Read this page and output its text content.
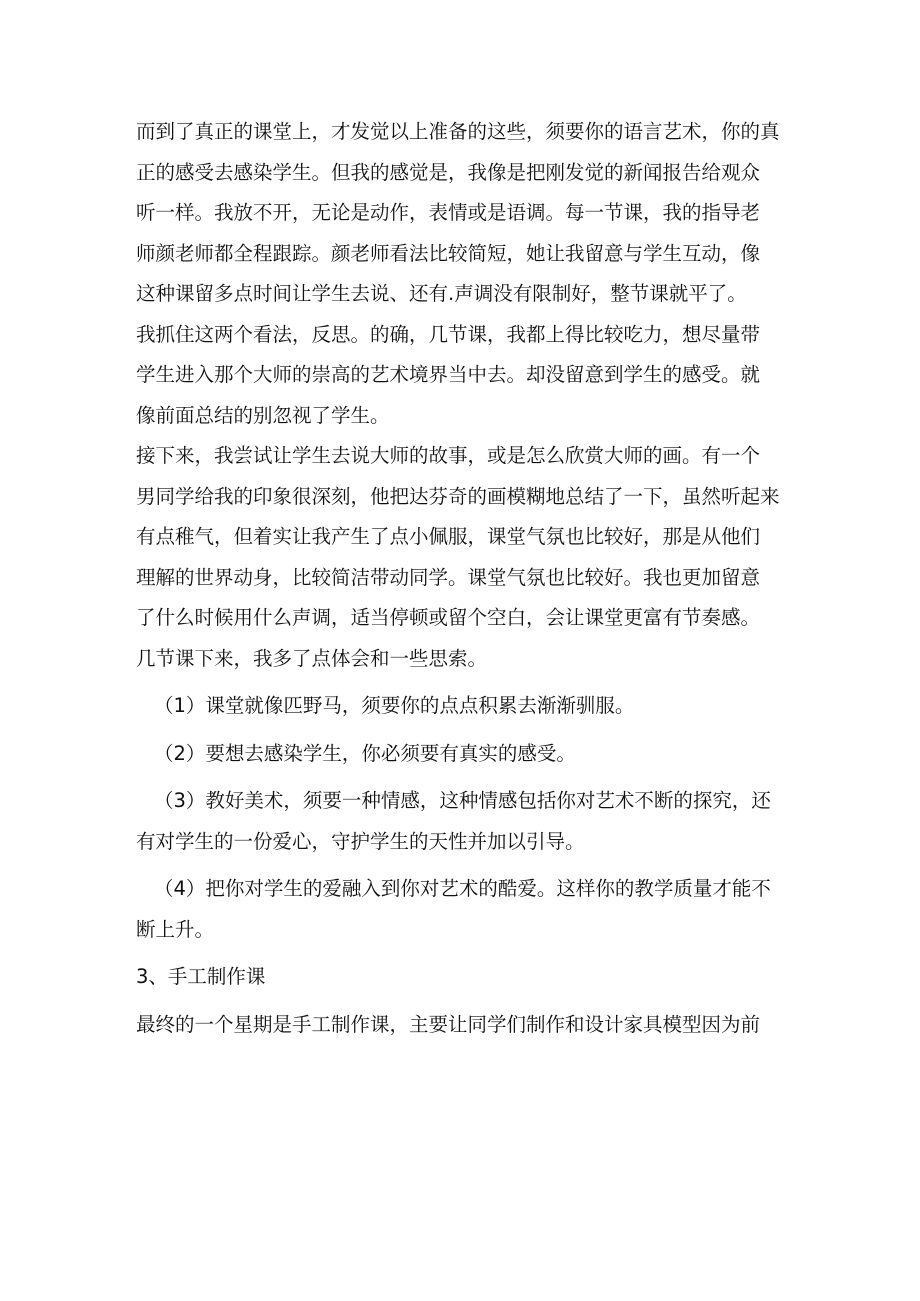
而到了真正的课堂上，才发觉以上准备的这些，须要你的语言艺术，你的真

正的感受去感染学生。但我的感觉是，我像是把刚发觉的新闻报告给观众

听一样。我放不开，无论是动作，表情或是语调。每一节课，我的指导老

师颜老师都全程跟踪。颜老师看法比较简短，她让我留意与学生互动，像

这种课留多点时间让学生去说、还有.声调没有限制好，整节课就平了。

我抓住这两个看法，反思。的确，几节课，我都上得比较吃力，想尽量带

学生进入那个大师的崇高的艺术境界当中去。却没留意到学生的感受。就

像前面总结的别忽视了学生。

接下来，我尝试让学生去说大师的故事，或是怎么欣赏大师的画。有一个

男同学给我的印象很深刻，他把达芬奇的画模糊地总结了一下，虽然听起来

有点稚气，但着实让我产生了点小佩服，课堂气氛也比较好，那是从他们

理解的世界动身，比较简洁带动同学。课堂气氛也比较好。我也更加留意

了什么时候用什么声调，适当停顿或留个空白，会让课堂更富有节奏感。

几节课下来，我多了点体会和一些思索。

（1）课堂就像匹野马，须要你的点点积累去渐渐驯服。

（2）要想去感染学生，你必须要有真实的感受。

（3）教好美术，须要一种情感，这种情感包括你对艺术不断的探究，还

有对学生的一份爱心，守护学生的天性并加以引导。

（4）把你对学生的爱融入到你对艺术的酷爱。这样你的教学质量才能不

断上升。

3、手工制作课

最终的一个星期是手工制作课，主要让同学们制作和设计家具模型因为前
